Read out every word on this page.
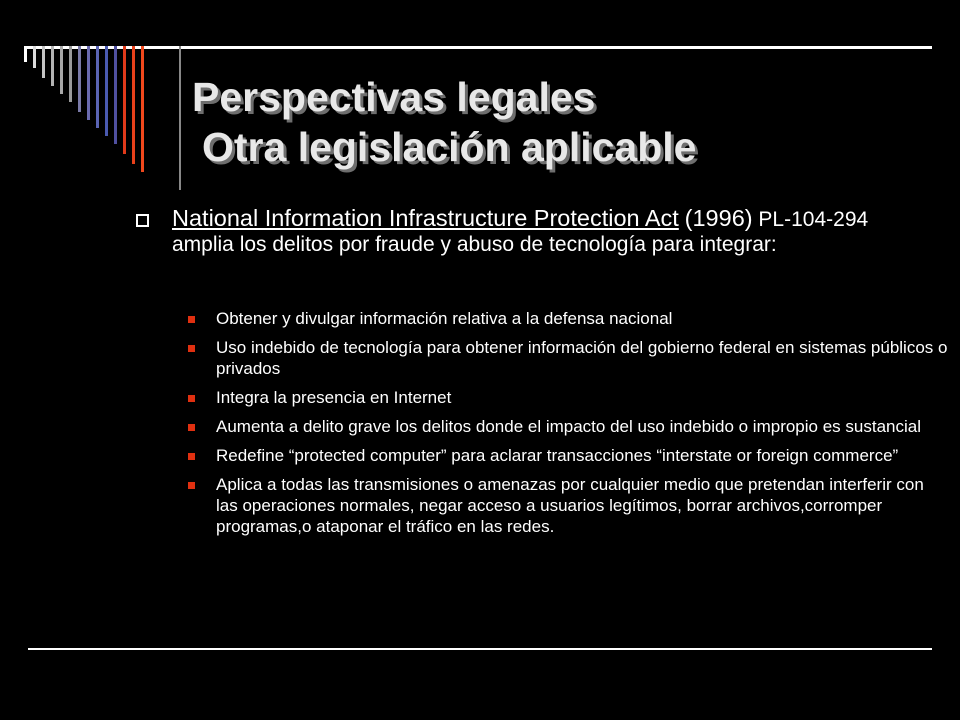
Perspectivas legales
Otra legislación aplicable
National Information Infrastructure Protection Act (1996) PL-104-294 amplia los delitos por fraude y abuso de tecnología para integrar:
Obtener y divulgar información relativa a la defensa nacional
Uso indebido de tecnología para obtener información del gobierno federal en sistemas públicos o privados
Integra la presencia en Internet
Aumenta a delito grave los delitos donde el impacto del uso indebido o impropio es sustancial
Redefine “protected computer” para aclarar transacciones “interstate or foreign commerce”
Aplica a todas las transmisiones o amenazas por cualquier medio que pretendan interferir con las operaciones normales, negar acceso a usuarios legítimos, borrar archivos,corromper programas,o ataponar el tráfico en las redes.
